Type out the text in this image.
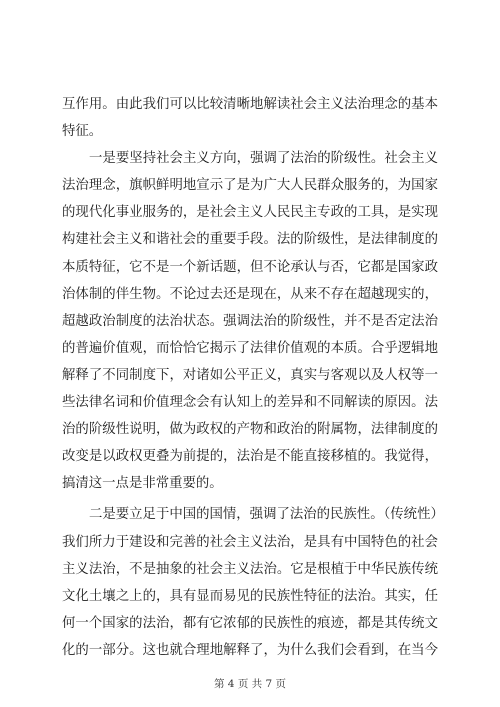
互作用。由此我们可以比较清晰地解读社会主义法治理念的基本
特征。
一是要坚持社会主义方向，强调了法治的阶级性。社会主义
法治理念，旗帜鲜明地宣示了是为广大人民群众服务的，为国家
的现代化事业服务的，是社会主义人民民主专政的工具，是实现
构建社会主义和谐社会的重要手段。法的阶级性，是法律制度的
本质特征，它不是一个新话题，但不论承认与否，它都是国家政
治体制的伴生物。不论过去还是现在，从来不存在超越现实的，
超越政治制度的法治状态。强调法治的阶级性，并不是否定法治
的普遍价值观，而恰恰它揭示了法律价值观的本质。合乎逻辑地
解释了不同制度下，对诸如公平正义，真实与客观以及人权等一
些法律名词和价值理念会有认知上的差异和不同解读的原因。法
治的阶级性说明，做为政权的产物和政治的附属物，法律制度的
改变是以政权更叠为前提的，法治是不能直接移植的。我觉得，
搞清这一点是非常重要的。
二是要立足于中国的国情，强调了法治的民族性。（传统性）
我们所力于建设和完善的社会主义法治，是具有中国特色的社会
主义法治，不是抽象的社会主义法治。它是根植于中华民族传统
文化土壤之上的，具有显而易见的民族性特征的法治。其实，任
何一个国家的法治，都有它浓郁的民族性的痕迹，都是其传统文
化的一部分。这也就合理地解释了，为什么我们会看到，在当今
第 4 页 共 7 页
